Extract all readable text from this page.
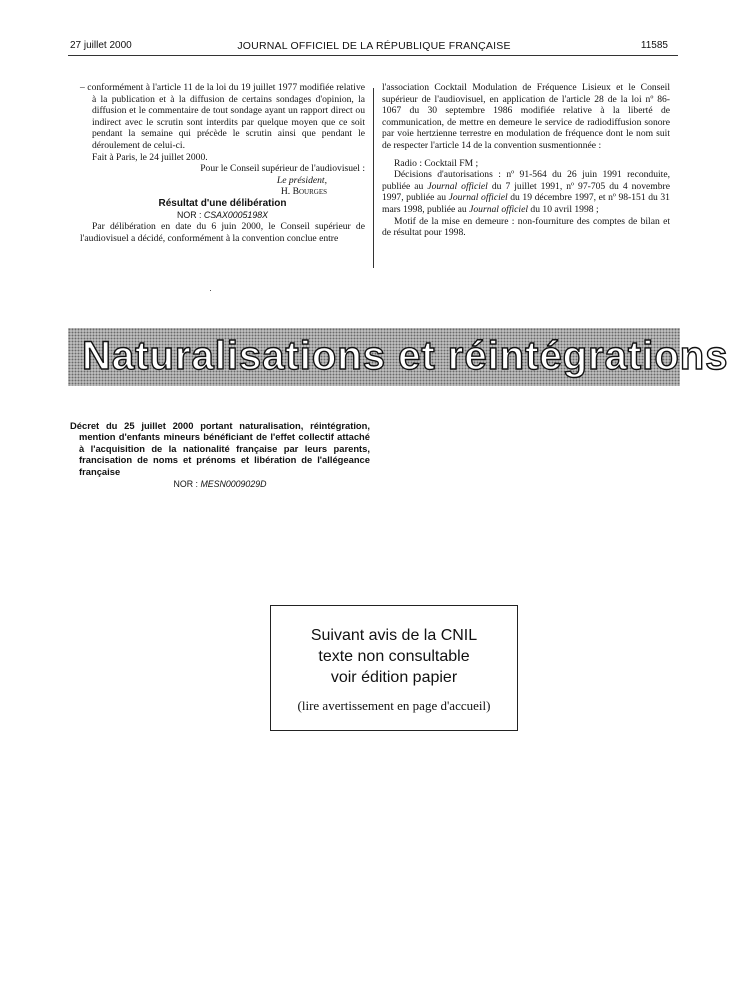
27 juillet 2000	JOURNAL OFFICIEL DE LA RÉPUBLIQUE FRANÇAISE	11585

– conformément à l'article 11 de la loi du 19 juillet 1977 modifiée relative à la publication et à la diffusion de certains sondages d'opinion, la diffusion et le commentaire de tout sondage ayant un rapport direct ou indirect avec le scrutin sont interdits par quelque moyen que ce soit pendant la semaine qui précède le scrutin ainsi que pendant le déroulement de celui-ci.

Fait à Paris, le 24 juillet 2000.

Pour le Conseil supérieur de l'audiovisuel :

Le président,

H. Bourges

Résultat d'une délibération

NOR : CSAX0005198X

Par délibération en date du 6 juin 2000, le Conseil supérieur de l'audiovisuel a décidé, conformément à la convention conclue entre

l'association Cocktail Modulation de Fréquence Lisieux et le Conseil supérieur de l'audiovisuel, en application de l'article 28 de la loi nº 86-1067 du 30 septembre 1986 modifiée relative à la liberté de communication, de mettre en demeure le service de radiodiffusion sonore par voie hertzienne terrestre en modulation de fréquence dont le nom suit de respecter l'article 14 de la convention susmentionnée :

Radio : Cocktail FM ;

Décisions d'autorisations : nº 91-564 du 26 juin 1991 reconduite, publiée au Journal officiel du 7 juillet 1991, nº 97-705 du 4 novembre 1997, publiée au Journal officiel du 19 décembre 1997, et nº 98-151 du 31 mars 1998, publiée au Journal officiel du 10 avril 1998 ;

Motif de la mise en demeure : non-fourniture des comptes de bilan et de résultat pour 1998.

Naturalisations et réintégrations

Décret du 25 juillet 2000 portant naturalisation, réintégration, mention d'enfants mineurs bénéficiant de l'effet collectif attaché à l'acquisition de la nationalité française par leurs parents, francisation de noms et prénoms et libération de l'allégeance française

NOR : MESN0009029D
Suivant avis de la CNIL
texte non consultable
voir édition papier
(lire avertissement en page d'accueil)
